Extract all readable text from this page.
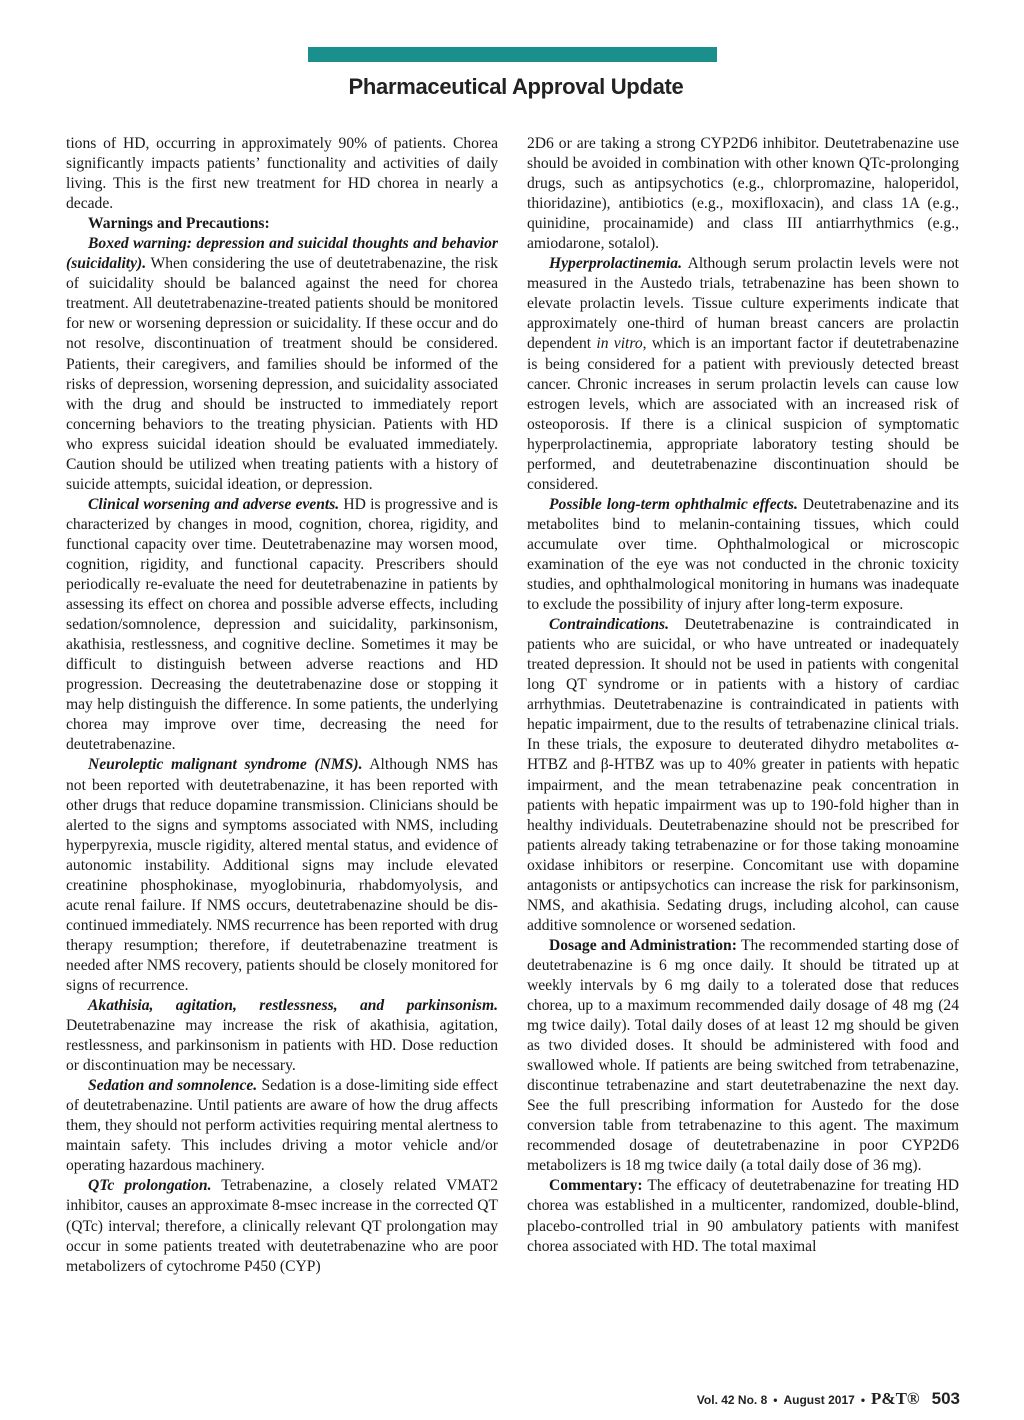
Pharmaceutical Approval Update

tions of HD, occurring in approximately 90% of patients. Chorea significantly impacts patients’ functionality and activities of daily living. This is the first new treatment for HD chorea in nearly a decade.

Warnings and Precautions:

Boxed warning: depression and suicidal thoughts and behavior (suicidality). When considering the use of deutetrabenazine, the risk of suicidality should be balanced against the need for chorea treatment. All deutetrabenazine-treated patients should be monitored for new or worsening depression or suicidality. If these occur and do not resolve, discontinuation of treatment should be considered. Patients, their caregivers, and families should be informed of the risks of depression, worsening depression, and suicidality associated with the drug and should be instructed to immediately report concerning behaviors to the treating physician. Patients with HD who express suicidal ideation should be evaluated immediately. Caution should be utilized when treating patients with a history of suicide attempts, suicidal ideation, or depression.

Clinical worsening and adverse events. HD is progressive and is characterized by changes in mood, cognition, chorea, rigidity, and functional capacity over time. Deutetrabenazine may worsen mood, cognition, rigidity, and functional capacity. Prescribers should periodically re-evaluate the need for deutetrabenazine in patients by assessing its effect on chorea and possible adverse effects, including sedation/somnolence, depression and suicidality, parkinsonism, akathisia, restlessness, and cognitive decline. Sometimes it may be difficult to distinguish between adverse reactions and HD progression. Decreasing the deutetrabenazine dose or stopping it may help distinguish the difference. In some patients, the underlying chorea may improve over time, decreasing the need for deutetrabenazine.

Neuroleptic malignant syndrome (NMS). Although NMS has not been reported with deutetrabenazine, it has been reported with other drugs that reduce dopamine transmission. Clinicians should be alerted to the signs and symptoms associated with NMS, including hyperpyrexia, muscle rigidity, altered mental status, and evidence of autonomic instability. Additional signs may include elevated creatinine phosphokinase, myoglobinuria, rhabdomyolysis, and acute renal failure. If NMS occurs, deutetrabenazine should be discontinued immediately. NMS recurrence has been reported with drug therapy resumption; therefore, if deutetrabenazine treatment is needed after NMS recovery, patients should be closely monitored for signs of recurrence.

Akathisia, agitation, restlessness, and parkinsonism. Deutetrabenazine may increase the risk of akathisia, agitation, restlessness, and parkinsonism in patients with HD. Dose reduction or discontinuation may be necessary.

Sedation and somnolence. Sedation is a dose-limiting side effect of deutetrabenazine. Until patients are aware of how the drug affects them, they should not perform activities requiring mental alertness to maintain safety. This includes driving a motor vehicle and/or operating hazardous machinery.

QTc prolongation. Tetrabenazine, a closely related VMAT2 inhibitor, causes an approximate 8-msec increase in the corrected QT (QTc) interval; therefore, a clinically relevant QT prolongation may occur in some patients treated with deutetrabenazine who are poor metabolizers of cytochrome P450 (CYP)

2D6 or are taking a strong CYP2D6 inhibitor. Deutetrabenazine use should be avoided in combination with other known QTc-prolonging drugs, such as antipsychotics (e.g., chlorpromazine, haloperidol, thioridazine), antibiotics (e.g., moxifloxacin), and class 1A (e.g., quinidine, procainamide) and class III antiarrhythmics (e.g., amiodarone, sotalol).

Hyperprolactinemia. Although serum prolactin levels were not measured in the Austedo trials, tetrabenazine has been shown to elevate prolactin levels. Tissue culture experiments indicate that approximately one-third of human breast cancers are prolactin dependent in vitro, which is an important factor if deutetrabenazine is being considered for a patient with previously detected breast cancer. Chronic increases in serum prolactin levels can cause low estrogen levels, which are associated with an increased risk of osteoporosis. If there is a clinical suspicion of symptomatic hyperprolactinemia, appropriate laboratory testing should be performed, and deutetrabenazine discontinuation should be considered.

Possible long-term ophthalmic effects. Deutetrabenazine and its metabolites bind to melanin-containing tissues, which could accumulate over time. Ophthalmological or microscopic examination of the eye was not conducted in the chronic toxicity studies, and ophthalmological monitoring in humans was inadequate to exclude the possibility of injury after long-term exposure.

Contraindications. Deutetrabenazine is contraindicated in patients who are suicidal, or who have untreated or inadequately treated depression. It should not be used in patients with congenital long QT syndrome or in patients with a history of cardiac arrhythmias. Deutetrabenazine is contraindicated in patients with hepatic impairment, due to the results of tetrabenazine clinical trials. In these trials, the exposure to deuterated dihydro metabolites α-HTBZ and β-HTBZ was up to 40% greater in patients with hepatic impairment, and the mean tetrabenazine peak concentration in patients with hepatic impairment was up to 190-fold higher than in healthy individuals. Deutetrabenazine should not be prescribed for patients already taking tetrabenazine or for those taking monoamine oxidase inhibitors or reserpine. Concomitant use with dopamine antagonists or antipsychotics can increase the risk for parkinsonism, NMS, and akathisia. Sedating drugs, including alcohol, can cause additive somnolence or worsened sedation.

Dosage and Administration: The recommended starting dose of deutetrabenazine is 6 mg once daily. It should be titrated up at weekly intervals by 6 mg daily to a tolerated dose that reduces chorea, up to a maximum recommended daily dosage of 48 mg (24 mg twice daily). Total daily doses of at least 12 mg should be given as two divided doses. It should be administered with food and swallowed whole. If patients are being switched from tetrabenazine, discontinue tetrabenazine and start deutetrabenazine the next day. See the full prescribing information for Austedo for the dose conversion table from tetrabenazine to this agent. The maximum recommended dosage of deutetrabenazine in poor CYP2D6 metabolizers is 18 mg twice daily (a total daily dose of 36 mg).

Commentary: The efficacy of deutetrabenazine for treating HD chorea was established in a multicenter, randomized, double-blind, placebo-controlled trial in 90 ambulatory patients with manifest chorea associated with HD. The total maximal

Vol. 42 No. 8 • August 2017 • P&T® 503
